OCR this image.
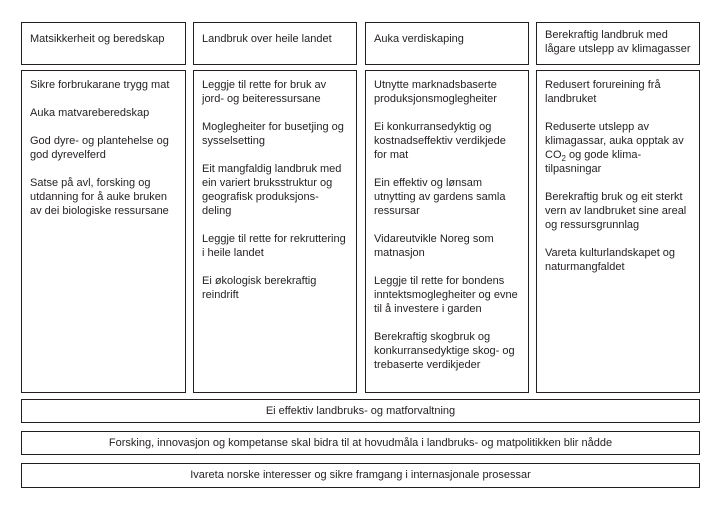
Matsikkerheit og beredskap	Landbruk over heile landet	Auka verdiskaping	Berekraftig landbruk med lågare utslepp av klimagasser

Sikre forbrukarane trygg mat

Auka matvareberedskap

God dyre- og plantehelse og god dyrevelferd

Satse på avl, forsking og utdanning for å auke bruken av dei biologiske ressursane

Leggje til rette for bruk av jord- og beiteressursane

Moglegheiter for busetjing og sysselsetting

Eit mangfaldig landbruk med ein variert bruksstruktur og geografisk produksjons-deling

Leggje til rette for rekruttering i heile landet

Ei økologisk berekraftig reindrift

Utnytte marknadsbaserte produksjonsmoglegheiter

Ei konkurransedyktig og kostnadseffektiv verdikjede for mat

Ein effektiv og lønsam utnytting av gardens samla ressursar

Vidareutvikle Noreg som matnasjon

Leggje til rette for bondens inntektsmoglegheiter og evne til å investere i garden

Berekraftig skogbruk og konkurransedyktige skog- og trebaserte verdikjeder

Redusert forureining frå landbruket

Reduserte utslepp av klimagassar, auka opptak av $CO_2$ og gode klima-tilpasningar

Berekraftig bruk og eit sterkt vern av landbruket sine areal og ressursgrunnlag

Vareta kulturlandskapet og naturmangfaldet

Ei effektiv landbruks- og matforvaltning
Forsking, innovasjon og kompetanse skal bidra til at hovudmåla i landbruks- og matpolitikken blir nådde
Ivareta norske interesser og sikre framgang i internasjonale prosessar
